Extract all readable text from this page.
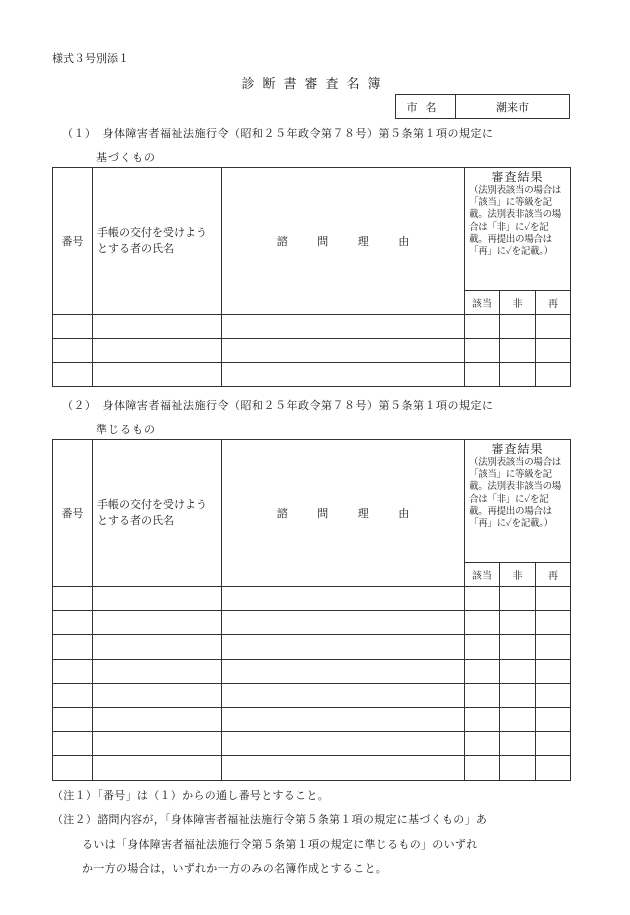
様式３号別添１
診断書審査名簿
市名	潮来市
（１）　身体障害者福祉法施行令（昭和２５年政令第７８号）第５条第１項の規定に
基づくもの
番号	手帳の交付を受けようとする者の氏名	諮 問 理 由	審査結果
（法別表該当の場合は「該当」に等級を記載。法別表非該当の場合は「非」に✓を記載。再提出の場合は「再」に✓を記載。）		

			該当	非	再

（２）　身体障害者福祉法施行令（昭和２５年政令第７８号）第５条第１項の規定に
準じるもの
番号	手帳の交付を受けようとする者の氏名	諮 問 理 由	審査結果
（法別表該当の場合は「該当」に等級を記載。法別表非該当の場合は「非」に✓を記載。再提出の場合は「再」に✓を記載。）		

			該当	非	再

（注１）「番号」は（１）からの通し番号とすること。
（注２）諮問内容が，「身体障害者福祉法施行令第５条第１項の規定に基づくもの」あ
るいは「身体障害者福祉法施行令第５条第１項の規定に準じるもの」のいずれ
か一方の場合は，いずれか一方のみの名簿作成とすること。
